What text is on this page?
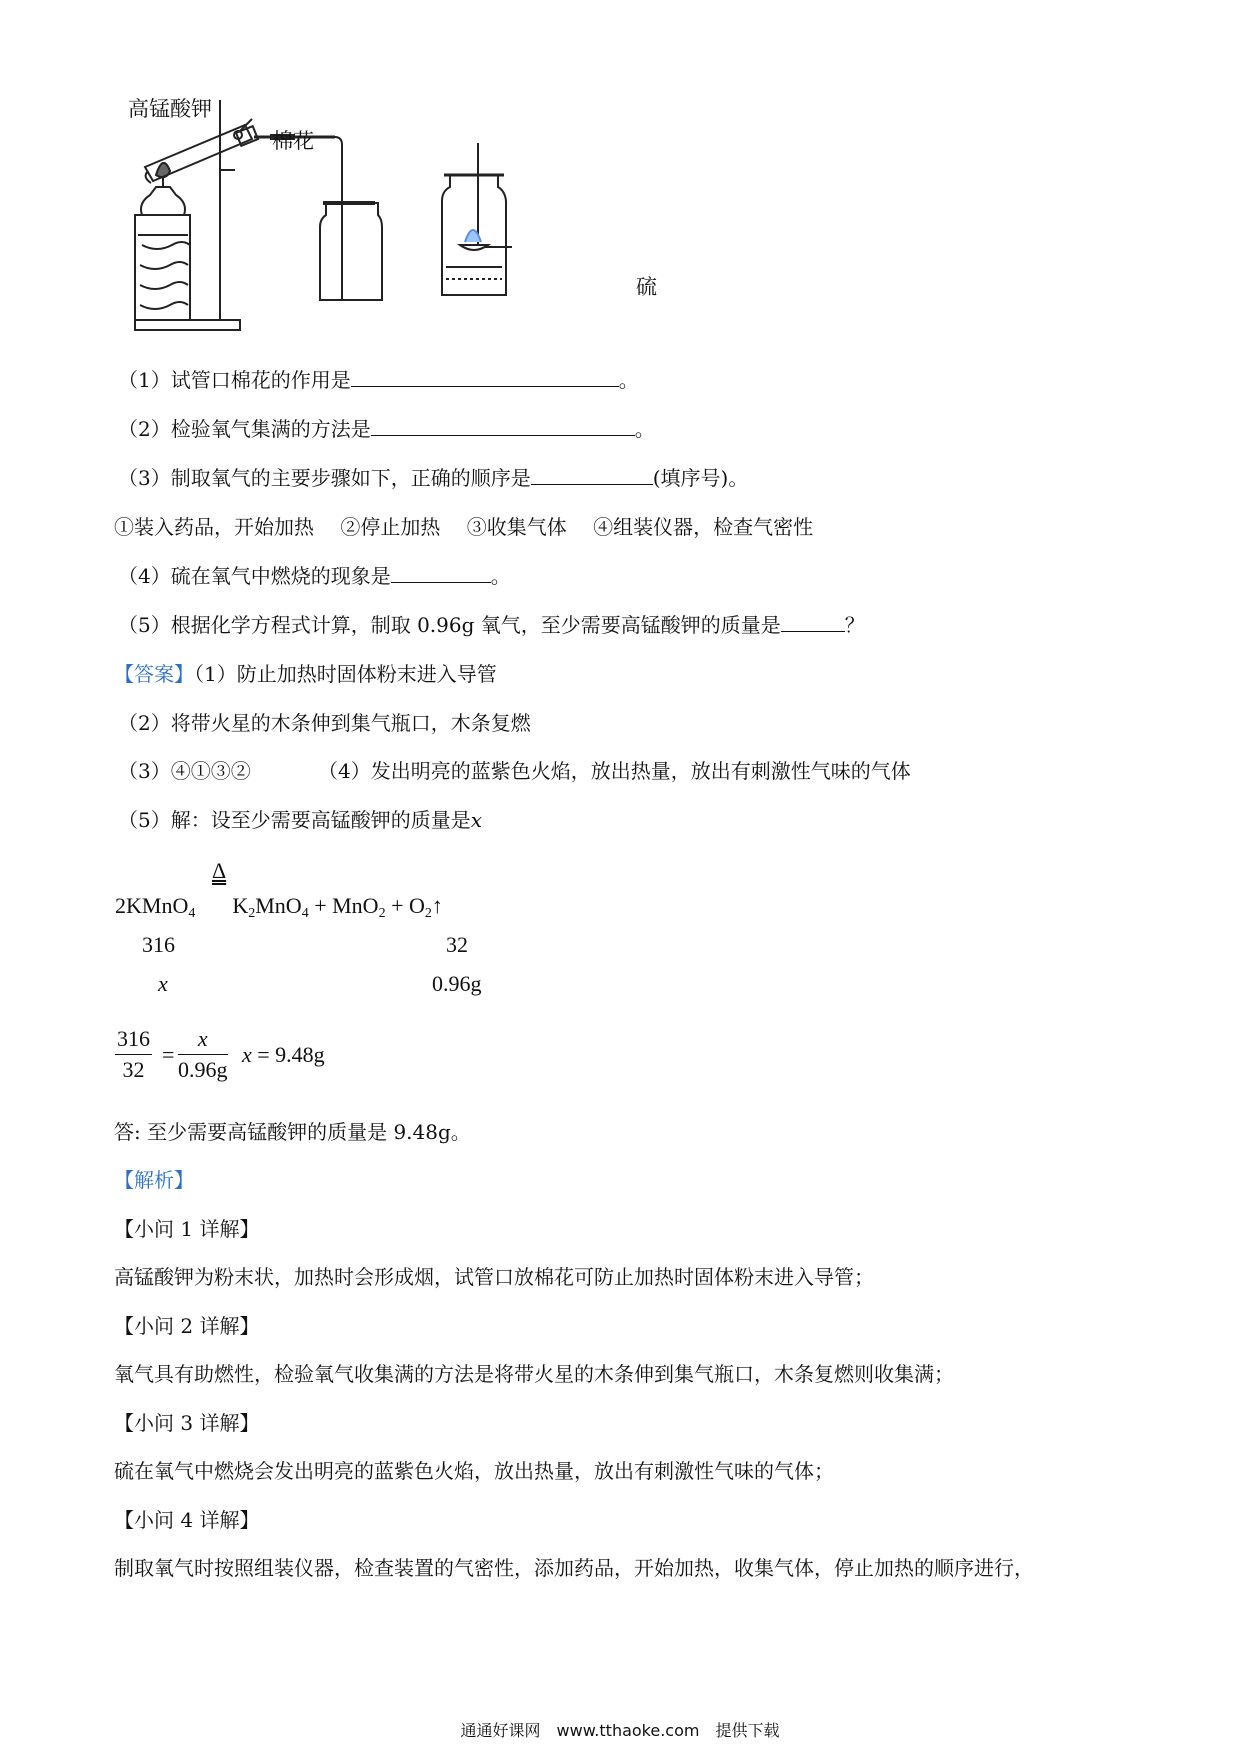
高锰酸钾
棉花
硫
（1）试管口棉花的作用是	。
（2）检验氧气集满的方法是	。
（3）制取氧气的主要步骤如下，正确的顺序是	(填序号)。
①装入药品，开始加热　 ②停止加热　 ③收集气体　 ④组装仪器，检查气密性
（4）硫在氧气中燃烧的现象是	。
（5）根据化学方程式计算，制取 0.96g 氧气，至少需要高锰酸钾的质量是	？
【答案】（1）防止加热时固体粉末进入导管
（2）将带火星的木条伸到集气瓶口，木条复燃
（3）④①③②	（4）发出明亮的蓝紫色火焰，放出热量，放出有刺激性气味的气体
（5）解：设至少需要高锰酸钾的质量是x
Δ
2KMnO$_4$ $K_2MnO_4 + MnO_2$ + $O_2↑$
316	32
x	0.96g
$\frac{316}{32} = \frac{x}{0.96g}$ x = 9.48g
答: 至少需要高锰酸钾的质量是 9.48g。
【解析】
【小问 1 详解】
高锰酸钾为粉末状，加热时会形成烟，试管口放棉花可防止加热时固体粉末进入导管；
【小问 2 详解】
氧气具有助燃性，检验氧气收集满的方法是将带火星的木条伸到集气瓶口，木条复燃则收集满；
【小问 3 详解】
硫在氧气中燃烧会发出明亮的蓝紫色火焰，放出热量，放出有刺激性气味的气体；
【小问 4 详解】
制取氧气时按照组装仪器，检查装置的气密性，添加药品，开始加热，收集气体，停止加热的顺序进行，
通通好课网　www.tthaoke.com　提供下载
